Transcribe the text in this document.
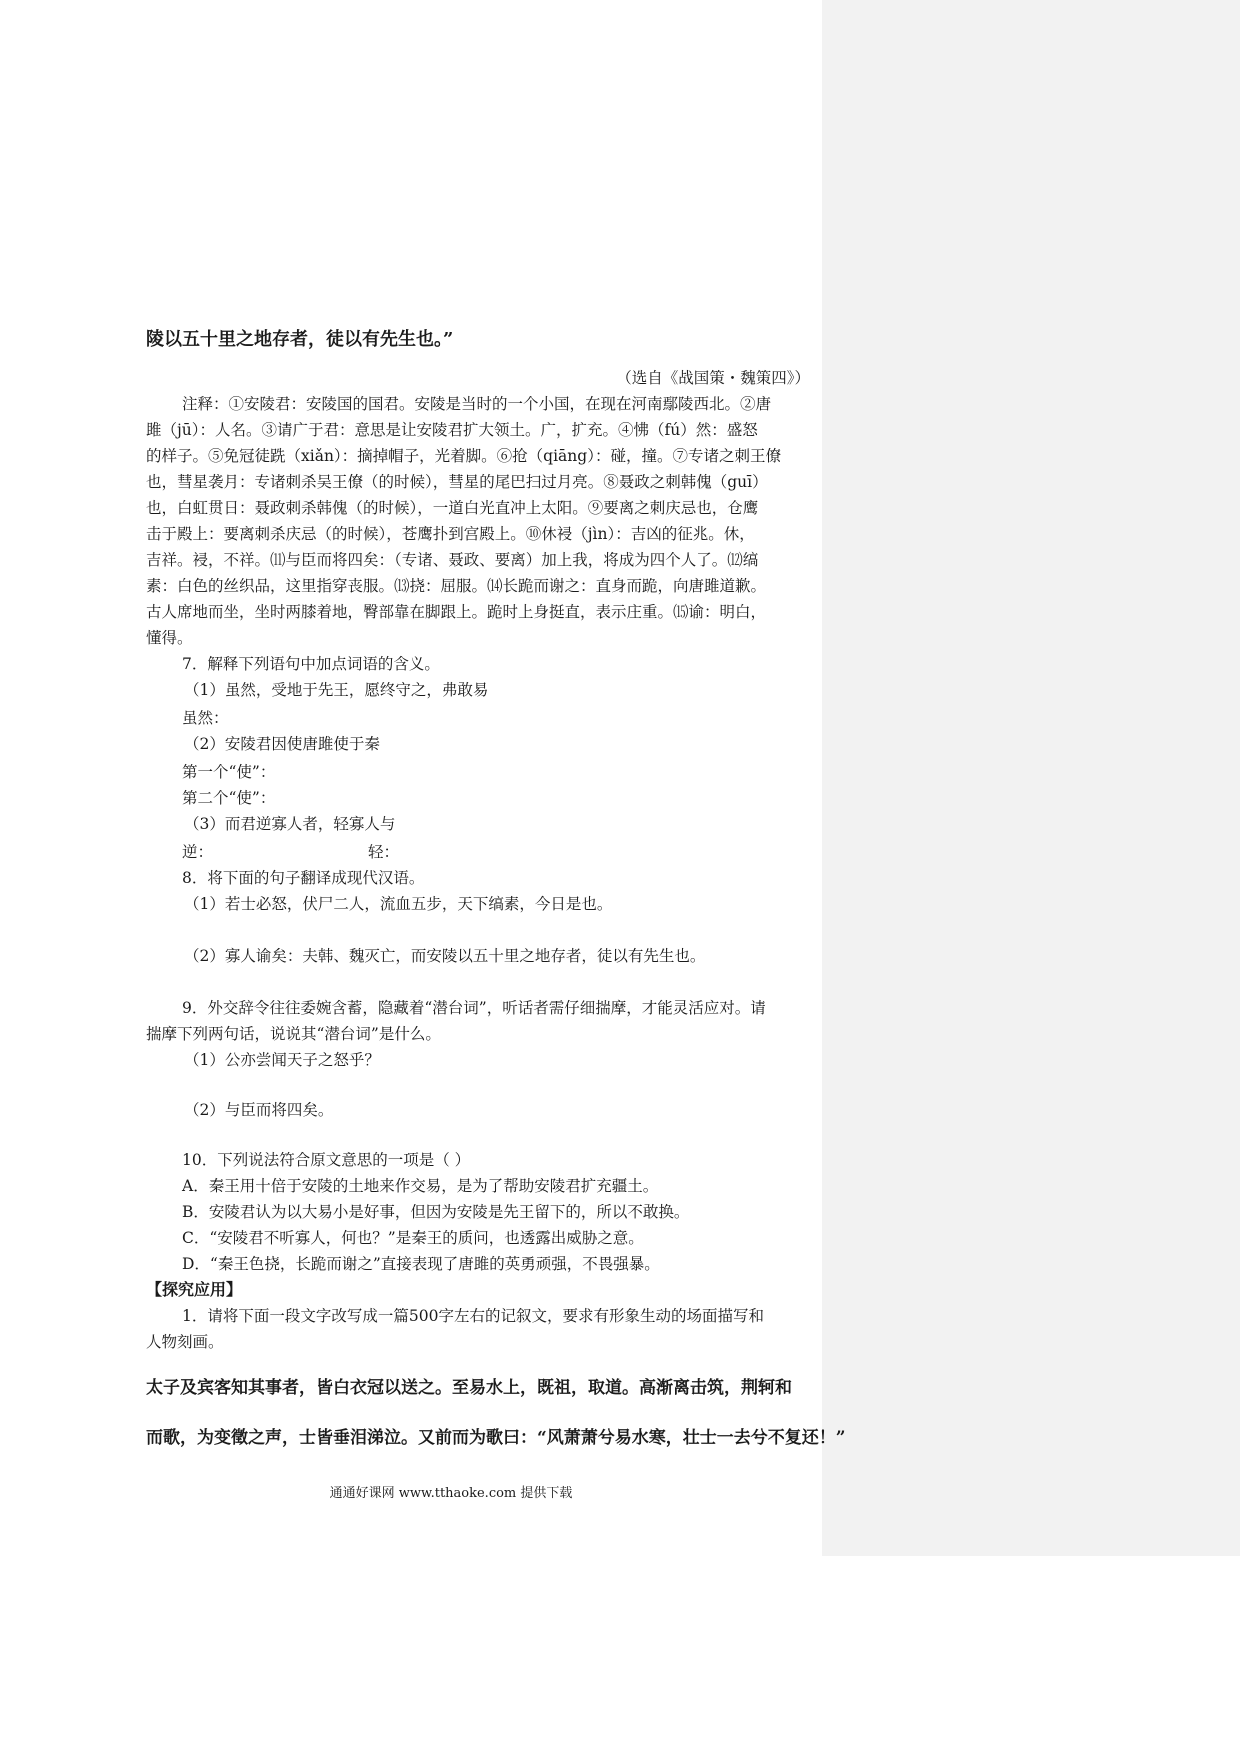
陵以五十里之地存者，徒以有先生也。”
（选自《战国策・魏策四》）
注释：①安陵君：安陵国的国君。安陵是当时的一个小国，在现在河南鄢陵西北。②唐
雎（jū）：人名。③请广于君：意思是让安陵君扩大领土。广，扩充。④怫（fú）然：盛怒
的样子。⑤免冠徒跣（xiǎn）：摘掉帽子，光着脚。⑥抢（qiāng）：碰，撞。⑦专诸之刺王僚
也，彗星袭月：专诸刺杀吴王僚（的时候），彗星的尾巴扫过月亮。⑧聂政之刺韩傀（guī）
也，白虹贯日：聂政刺杀韩傀（的时候），一道白光直冲上太阳。⑨要离之刺庆忌也，仓鹰
击于殿上：要离刺杀庆忌（的时候），苍鹰扑到宫殿上。⑩休祲（jìn）：吉凶的征兆。休，
吉祥。祲，不祥。⑾与臣而将四矣：（专诸、聂政、要离）加上我，将成为四个人了。⑿缟
素：白色的丝织品，这里指穿丧服。⒀挠：屈服。⒁长跪而谢之：直身而跪，向唐雎道歉。
古人席地而坐，坐时两膝着地，臀部靠在脚跟上。跪时上身挺直，表示庄重。⒂谕：明白，
懂得。
7．解释下列语句中加点词语的含义。
（1）虽然，受地于先王，愿终守之，弗敢易
虽然：
（2）安陵君因使唐雎使于秦
第一个“使”：
第二个“使”：
（3）而君逆寡人者，轻寡人与
逆：	轻：
8．将下面的句子翻译成现代汉语。
（1）若士必怒，伏尸二人，流血五步，天下缟素，今日是也。
（2）寡人谕矣：夫韩、魏灭亡，而安陵以五十里之地存者，徒以有先生也。
9．外交辞令往往委婉含蓄，隐藏着“潜台词”，听话者需仔细揣摩，才能灵活应对。请
揣摩下列两句话，说说其“潜台词”是什么。
（1）公亦尝闻天子之怒乎？
（2）与臣而将四矣。
10．下列说法符合原文意思的一项是（ ）
A．秦王用十倍于安陵的土地来作交易，是为了帮助安陵君扩充疆土。
B．安陵君认为以大易小是好事，但因为安陵是先王留下的，所以不敢换。
C．“安陵君不听寡人，何也？”是秦王的质问，也透露出威胁之意。
D．“秦王色挠，长跪而谢之”直接表现了唐雎的英勇顽强，不畏强暴。
【探究应用】
1．请将下面一段文字改写成一篇500字左右的记叙文，要求有形象生动的场面描写和
人物刻画。
太子及宾客知其事者，皆白衣冠以送之。至易水上，既祖，取道。高渐离击筑，荆轲和
而歌，为变徵之声，士皆垂泪涕泣。又前而为歌曰：“风萧萧兮易水寒，壮士一去兮不复还！”
通通好课网 www.tthaoke.com 提供下载
